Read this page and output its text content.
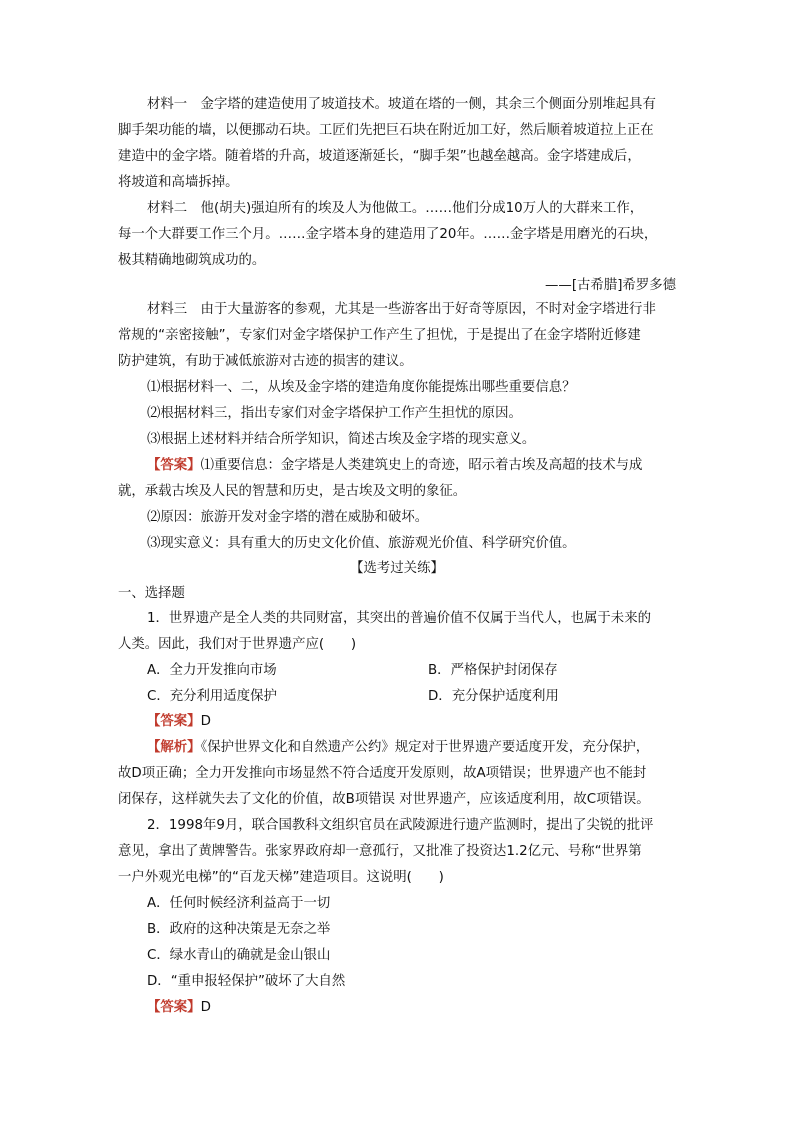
材料一　金字塔的建造使用了坡道技术。坡道在塔的一侧，其余三个侧面分别堆起具有
脚手架功能的墙，以便挪动石块。工匠们先把巨石块在附近加工好，然后顺着坡道拉上正在
建造中的金字塔。随着塔的升高，坡道逐渐延长，“脚手架”也越垒越高。金字塔建成后，
将坡道和高墙拆掉。
材料二　他(胡夫)强迫所有的埃及人为他做工。……他们分成10万人的大群来工作，
每一个大群要工作三个月。……金字塔本身的建造用了20年。……金字塔是用磨光的石块，
极其精确地砌筑成功的。
——[古希腊]希罗多德
材料三　由于大量游客的参观，尤其是一些游客出于好奇等原因，不时对金字塔进行非
常规的“亲密接触”，专家们对金字塔保护工作产生了担忧，于是提出了在金字塔附近修建
防护建筑，有助于减低旅游对古迹的损害的建议。
⑴根据材料一、二，从埃及金字塔的建造角度你能提炼出哪些重要信息？
⑵根据材料三，指出专家们对金字塔保护工作产生担忧的原因。
⑶根据上述材料并结合所学知识，简述古埃及金字塔的现实意义。
【答案】⑴重要信息：金字塔是人类建筑史上的奇迹，昭示着古埃及高超的技术与成
就，承载古埃及人民的智慧和历史，是古埃及文明的象征。
⑵原因：旅游开发对金字塔的潜在威胁和破坏。
⑶现实意义：具有重大的历史文化价值、旅游观光价值、科学研究价值。
【选考过关练】
一、选择题
1．世界遗产是全人类的共同财富，其突出的普遍价值不仅属于当代人，也属于未来的
人类。因此，我们对于世界遗产应(　　)
A．全力开发推向市场	B．严格保护封闭保存
C．充分利用适度保护	D．充分保护适度利用
【答案】D
【解析】《保护世界文化和自然遗产公约》规定对于世界遗产要适度开发，充分保护，
故D项正确；全力开发推向市场显然不符合适度开发原则，故A项错误；世界遗产也不能封
闭保存，这样就失去了文化的价值，故B项错误 对世界遗产，应该适度利用，故C项错误。
2．1998年9月，联合国教科文组织官员在武陵源进行遗产监测时，提出了尖锐的批评
意见，拿出了黄牌警告。张家界政府却一意孤行，又批准了投资达1.2亿元、号称“世界第
一户外观光电梯”的“百龙天梯”建造项目。这说明(　　)
A．任何时候经济利益高于一切
B．政府的这种决策是无奈之举
C．绿水青山的确就是金山银山
D．“重申报轻保护”破坏了大自然
【答案】D
